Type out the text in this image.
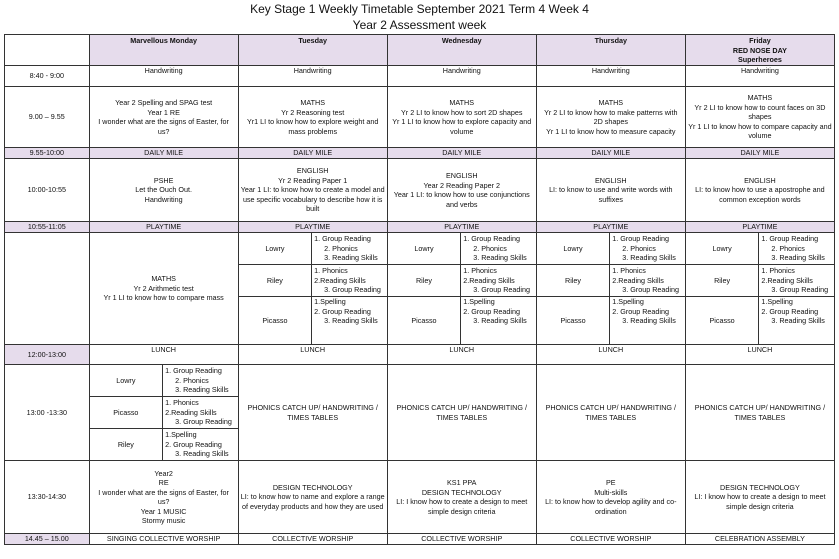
Key Stage 1 Weekly Timetable September 2021 Term 4 Week 4
Year 2 Assessment week

	Marvellous Monday		Tuesday		Wednesday		Thursday		Friday
RED NOSE DAY
Superheroes	

8:40 - 9:00	Handwriting		Handwriting		Handwriting		Handwriting		Handwriting	
9.00 – 9.55	Year 2 Spelling and SPAG test
Year 1 RE
I wonder what are the signs of Easter, for us?		MATHS
Yr 2 Reasoning test
Yr1 LI to know how to explore weight and mass problems		MATHS
Yr 2 LI to know how to sort 2D shapes
Yr 1 LI to know how to explore capacity and volume		MATHS
Yr 2 LI to know how to make patterns with 2D shapes
Yr 1 LI to know how to measure capacity		MATHS
Yr 2 LI to know how to count faces on 3D shapes
Yr 1 LI to know how to compare capacity and volume	

9.55-10:00	DAILY MILE		DAILY MILE		DAILY MILE		DAILY MILE		DAILY MILE	
10:00-10:55	PSHE
Let the Ouch Out.
Handwriting		ENGLISH
Yr 2 Reading Paper 1
Year 1 LI: to know how to create a model and use specific vocabulary to describe how it is built		ENGLISH
Year 2 Reading Paper 2
Year 1 LI: to know how to use conjunctions and verbs		ENGLISH
LI: to know to use and write words with suffixes		ENGLISH
LI: to know how to use a apostrophe and common exception words	

10:55-11:05	PLAYTIME		PLAYTIME		PLAYTIME		PLAYTIME		PLAYTIME	

	MATHS
Yr 2 Arithmetic test
Yr 1 LI to know how to compare mass		Lowry	1. Group Reading
2. Phonics
3. Reading Skills	Lowry	1. Group Reading
2. Phonics
3. Reading Skills	Lowry	1. Group Reading
2. Phonics
3. Reading Skills	Lowry	1. Group Reading
2. Phonics
3. Reading Skills

			Riley	1. Phonics
2.Reading Skills
3. Group Reading	Riley	1. Phonics
2.Reading Skills
3. Group Reading	Riley	1. Phonics
2.Reading Skills
3. Group Reading	Riley	1. Phonics
2.Reading Skills
3. Group Reading

			Picasso	1.Spelling
2. Group Reading
3. Reading Skills	Picasso	1.Spelling
2. Group Reading
3. Reading Skills	Picasso	1.Spelling
2. Group Reading
3. Reading Skills	Picasso	1.Spelling
2. Group Reading
3. Reading Skills

12:00-13:00	LUNCH		LUNCH		LUNCH		LUNCH		LUNCH	
13:00 -13:30	Lowry	1. Group Reading
2. Phonics
3. Reading Skills	PHONICS CATCH UP/ HANDWRITING / TIMES TABLES		PHONICS CATCH UP/ HANDWRITING / TIMES TABLES		PHONICS CATCH UP/ HANDWRITING / TIMES TABLES		PHONICS CATCH UP/ HANDWRITING / TIMES TABLES	
	Picasso	1. Phonics
2.Reading Skills
3. Group Reading								

	Riley	1.Spelling
2. Group Reading
3. Reading Skills								

13:30-14:30	Year2
RE
I wonder what are the signs of Easter, for us?
Year 1 MUSIC
Stormy music		DESIGN TECHNOLOGY
LI: to know how to name and explore a range of everyday products and how they are used		KS1 PPA
DESIGN TECHNOLOGY
LI: I know how to create a design to meet simple design criteria		PE
Multi-skills
LI: to know how to develop agility and co-ordination		DESIGN TECHNOLOGY
LI: I know how to create a design to meet simple design criteria	

14.45 – 15.00	SINGING COLLECTIVE WORSHIP		COLLECTIVE WORSHIP		COLLECTIVE WORSHIP		COLLECTIVE WORSHIP		CELEBRATION ASSEMBLY	
